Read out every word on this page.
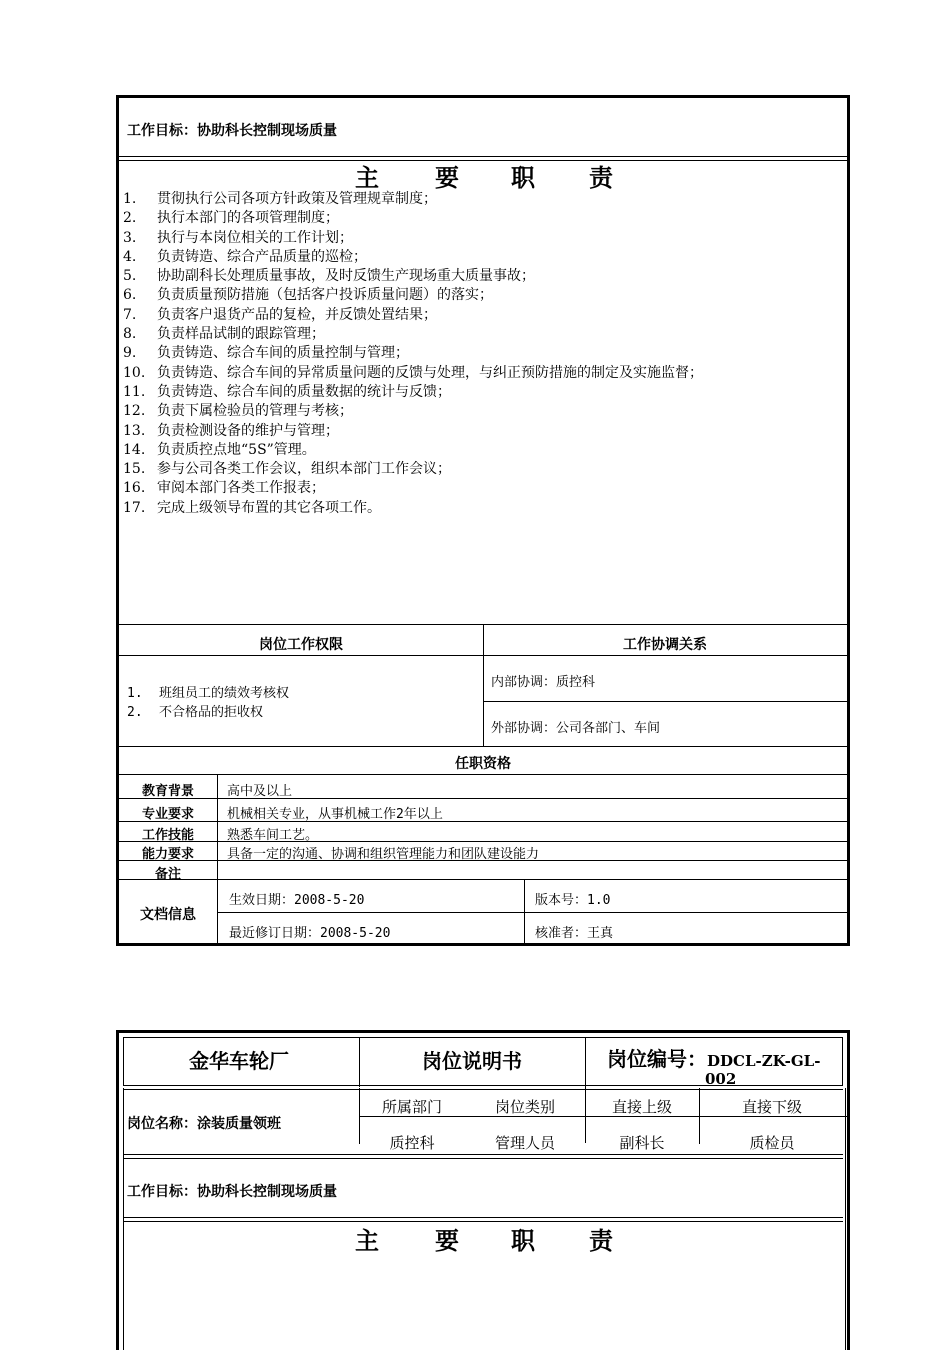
工作目标：协助科长控制现场质量
主 要 职 责
1. 贯彻执行公司各项方针政策及管理规章制度；
2. 执行本部门的各项管理制度；
3. 执行与本岗位相关的工作计划；
4. 负责铸造、综合产品质量的巡检；
5. 协助副科长处理质量事故，及时反馈生产现场重大质量事故；
6. 负责质量预防措施（包括客户投诉质量问题）的落实；
7. 负责客户退货产品的复检，并反馈处置结果；
8. 负责样品试制的跟踪管理；
9. 负责铸造、综合车间的质量控制与管理；
10. 负责铸造、综合车间的异常质量问题的反馈与处理，与纠正预防措施的制定及实施监督；
11. 负责铸造、综合车间的质量数据的统计与反馈；
12. 负责下属检验员的管理与考核；
13. 负责检测设备的维护与管理；
14. 负责质控点地“5S”管理。
15. 参与公司各类工作会议，组织本部门工作会议；
16. 审阅本部门各类工作报表；
17. 完成上级领导布置的其它各项工作。
岗位工作权限	工作协调关系
1. 班组员工的绩效考核权
2. 不合格品的拒收权
内部协调：质控科
外部协调：公司各部门、车间
任职资格
教育背景	高中及以上
专业要求	机械相关专业，从事机械工作2年以上
工作技能	熟悉车间工艺。
能力要求	具备一定的沟通、协调和组织管理能力和团队建设能力
备注
文档信息
生效日期：2008-5-20	版本号：1.0
最近修订日期：2008-5-20	核准者：王真
金华车轮厂	岗位说明书	岗位编号：DDCL-ZK-GL-
002
岗位名称：涂装质量领班
所属部门	岗位类别	直接上级	直接下级
质控科	管理人员	副科长	质检员
工作目标：协助科长控制现场质量
主 要 职 责
